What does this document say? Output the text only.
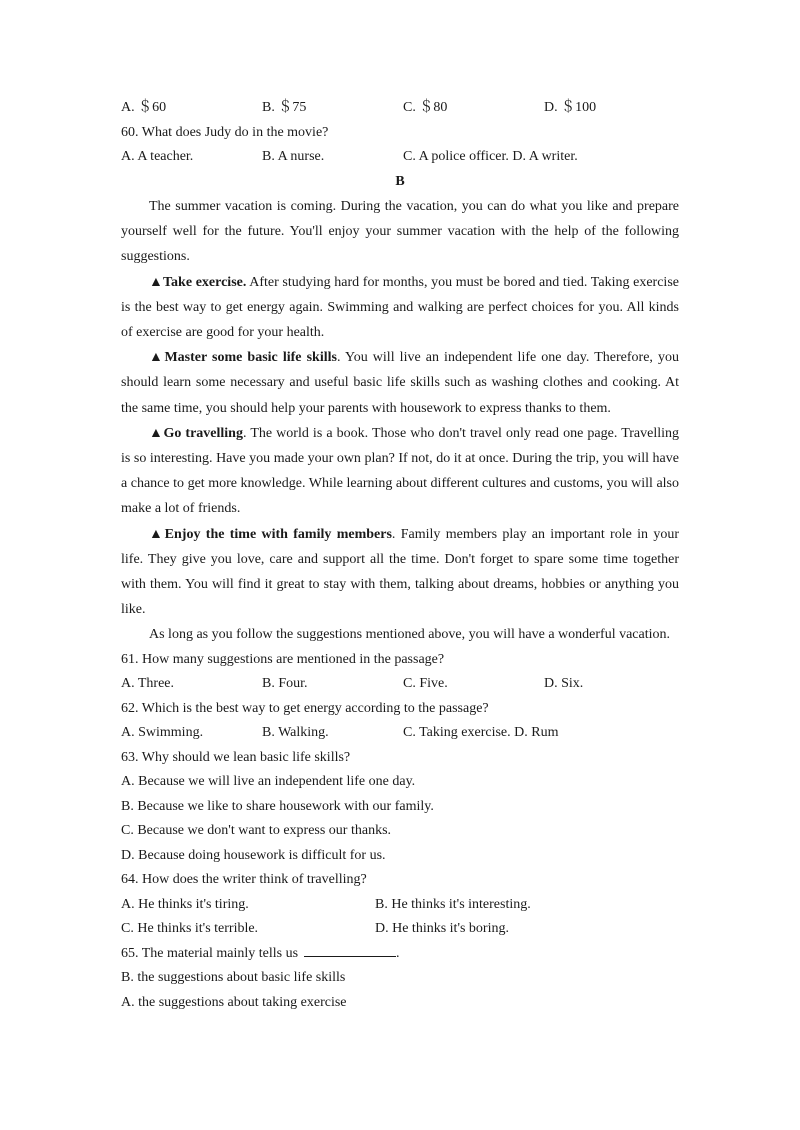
A. ＄60	B. ＄75	C. ＄80	D. ＄100
60. What does Judy do in the movie?
A. A teacher.	B. A nurse.	C. A police officer. D. A writer.
B

The summer vacation is coming. During the vacation, you can do what you like and prepare yourself well for the future. You'll enjoy your summer vacation with the help of the following suggestions.

▲Take exercise. After studying hard for months, you must be bored and tied. Taking exercise is the best way to get energy again. Swimming and walking are perfect choices for you. All kinds of exercise are good for your health.

▲Master some basic life skills. You will live an independent life one day. Therefore, you should learn some necessary and useful basic life skills such as washing clothes and cooking. At the same time, you should help your parents with housework to express thanks to them.

▲Go travelling. The world is a book. Those who don't travel only read one page. Travelling is so interesting. Have you made your own plan? If not, do it at once. During the trip, you will have a chance to get more knowledge. While learning about different cultures and customs, you will also make a lot of friends.

▲Enjoy the time with family members. Family members play an important role in your life. They give you love, care and support all the time. Don't forget to spare some time together with them. You will find it great to stay with them, talking about dreams, hobbies or anything you like.

As long as you follow the suggestions mentioned above, you will have a wonderful vacation.

61. How many suggestions are mentioned in the passage?
A. Three.	B. Four.	C. Five.	D. Six.
62. Which is the best way to get energy according to the passage?
A. Swimming.	B. Walking.	C. Taking exercise. D. Rum
63. Why should we lean basic life skills?
A. Because we will live an independent life one day.
B. Because we like to share housework with our family.
C. Because we don't want to express our thanks.
D. Because doing housework is difficult for us.
64. How does the writer think of travelling?
A. He thinks it's tiring.	B. He thinks it's interesting.
C. He thinks it's terrible.	D. He thinks it's boring.
65. The material mainly tells us	.
B. the suggestions about basic life skills
A. the suggestions about taking exercise
